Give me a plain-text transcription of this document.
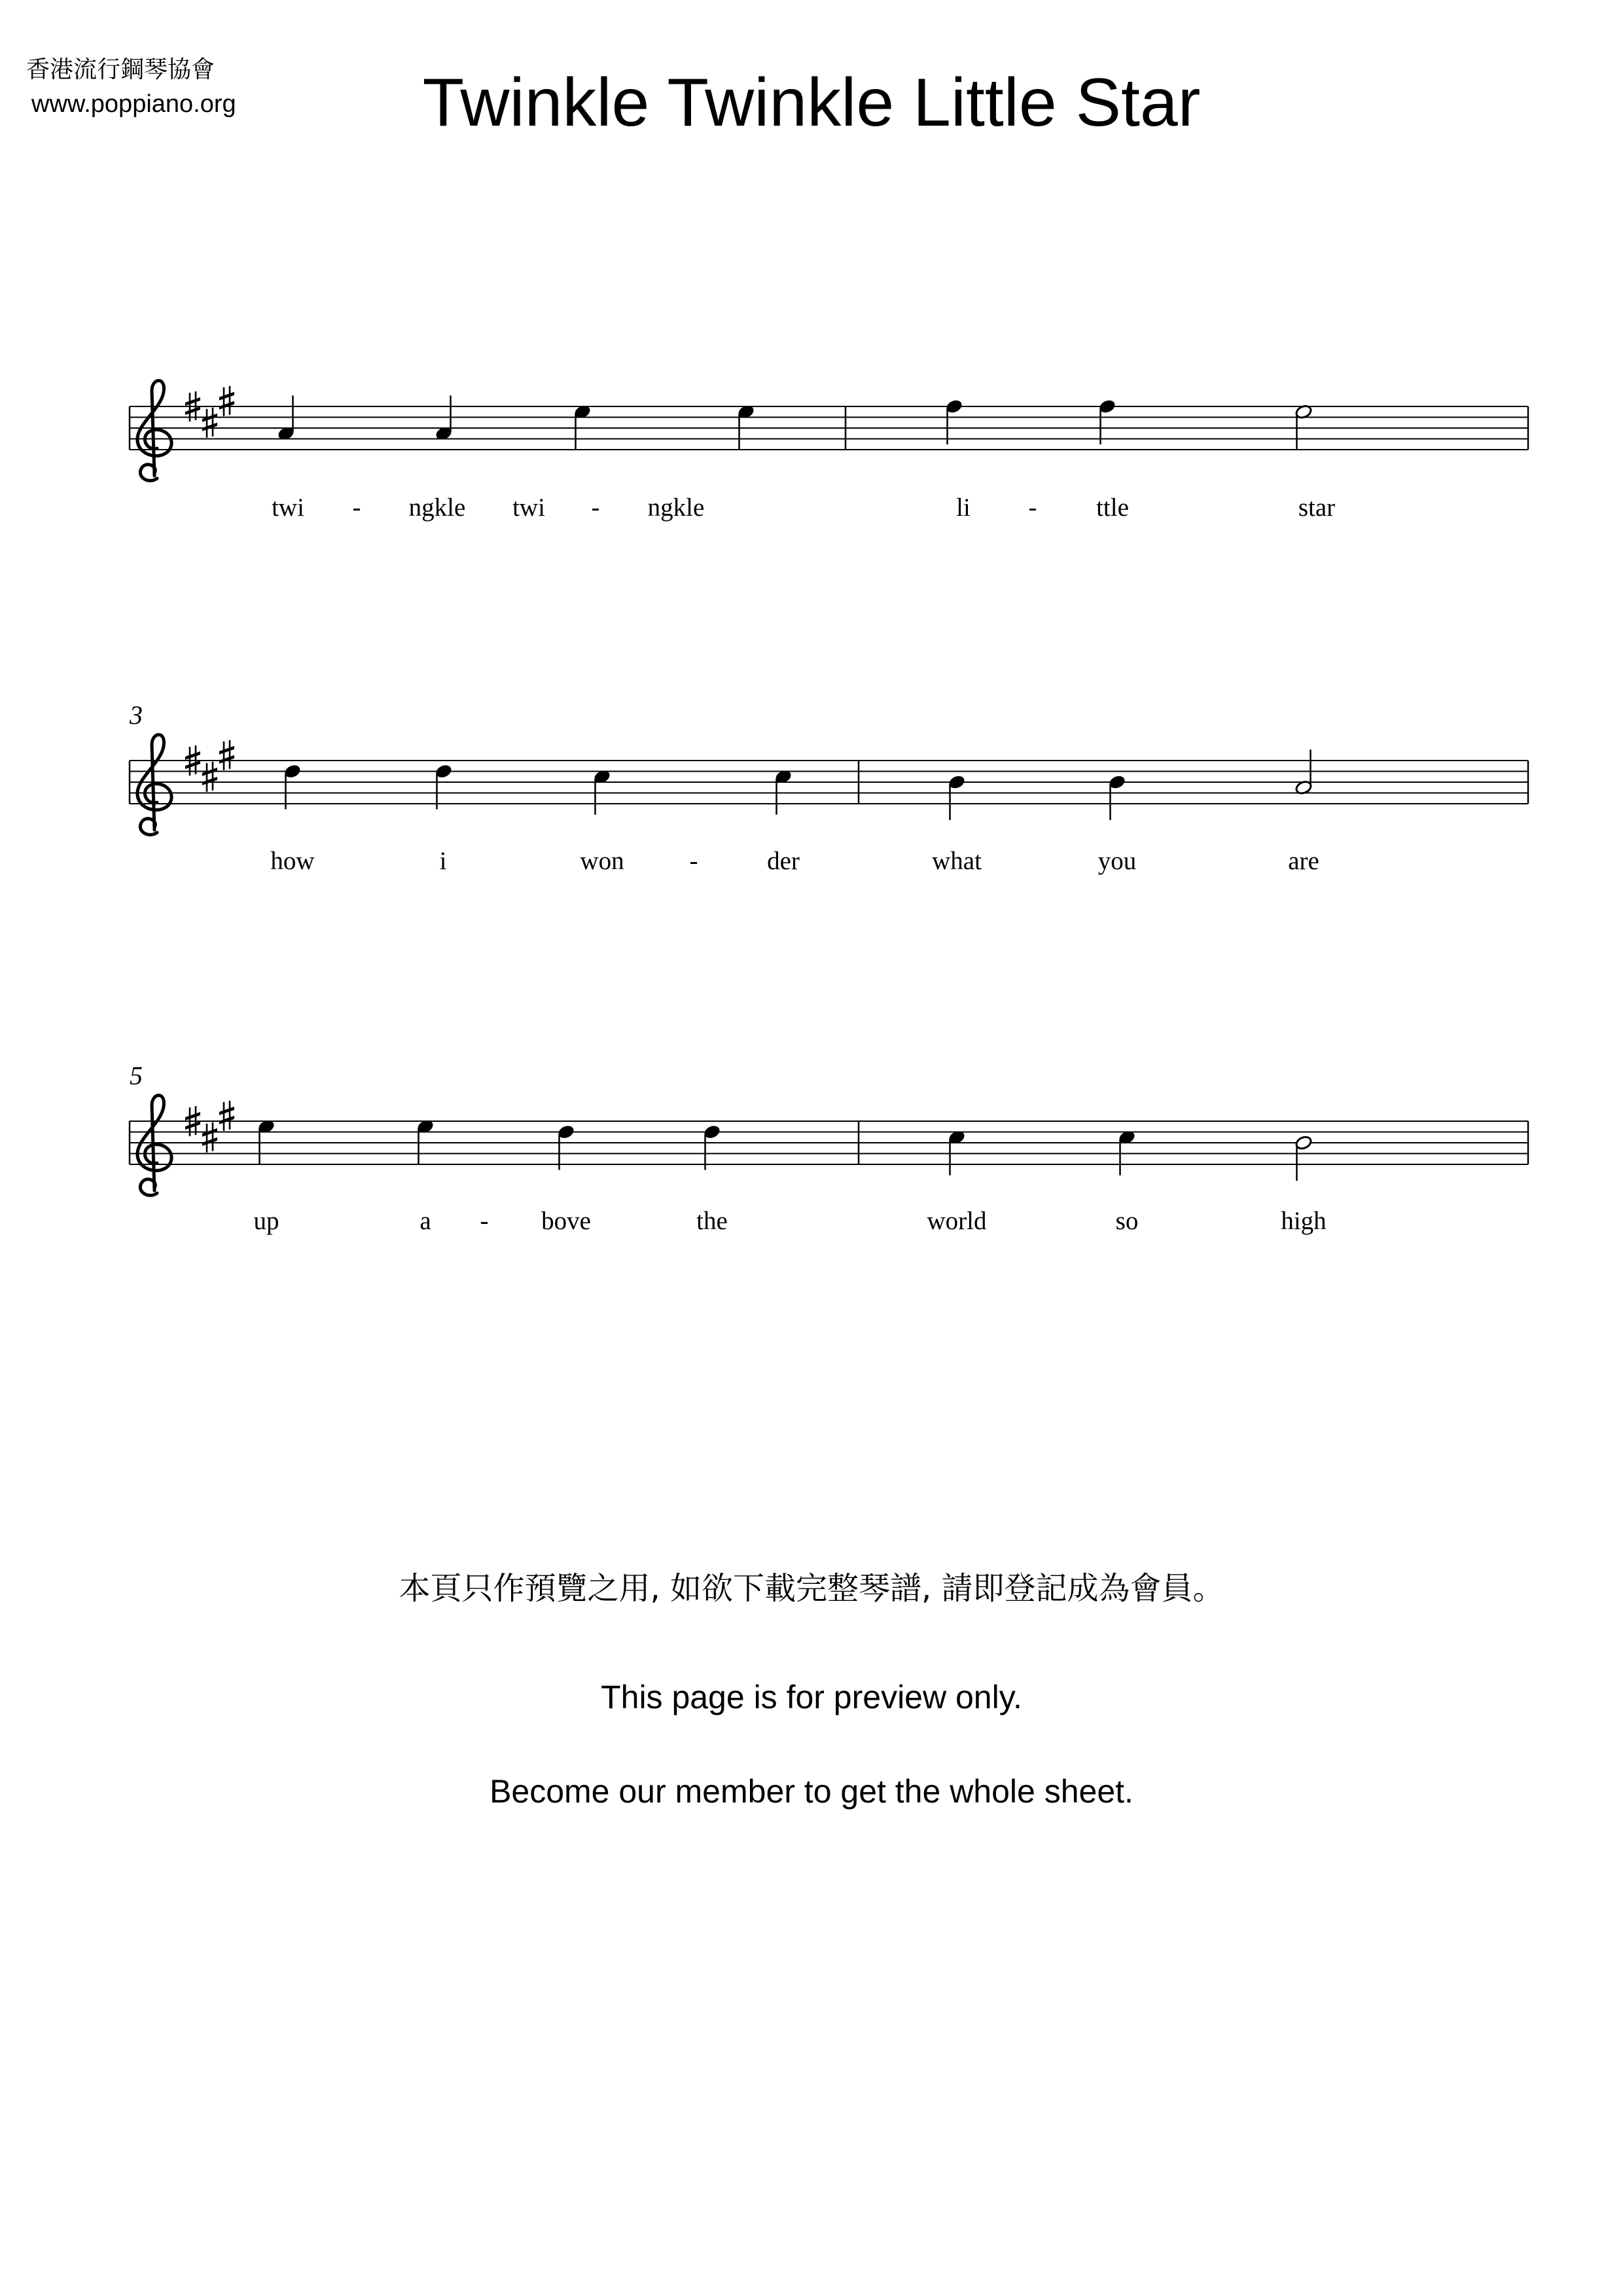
香港流行鋼琴協會
www.poppiano.org	Twinkle Twinkle Little Star
twi - ngkle twi - ngkle	li - ttle	star
3
how	i	won	-	der	what	you	are
5
up	a - bove	the	world	so	high
本頁只作預覽之用, 如欲下載完整琴譜, 請即登記成為會員。
This page is for preview only.
Become our member to get the whole sheet.
